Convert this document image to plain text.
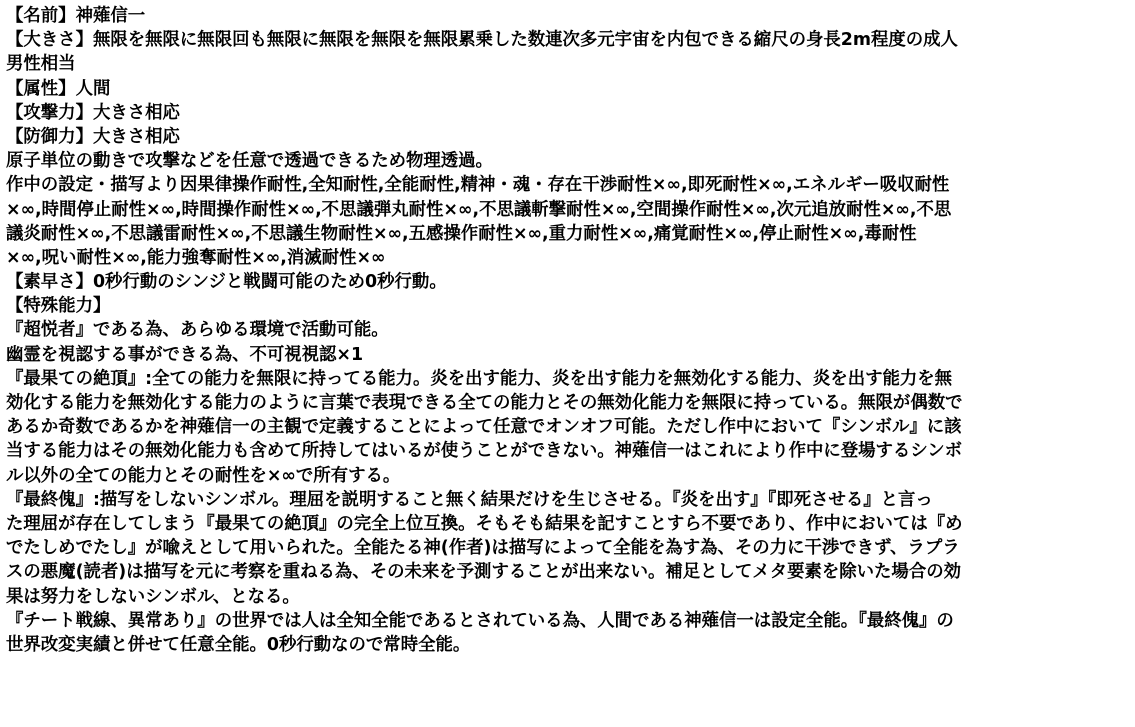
【名前】神薙信一
【大きさ】無限を無限に無限回も無限に無限を無限を無限累乗した数連次多元宇宙を内包できる縮尺の身長2m程度の成人
男性相当
【属性】人間
【攻撃力】大きさ相応
【防御力】大きさ相応
原子単位の動きで攻撃などを任意で透過できるため物理透過。
作中の設定・描写より因果律操作耐性,全知耐性,全能耐性,精神・魂・存在干渉耐性×∞,即死耐性×∞,エネルギー吸収耐性
×∞,時間停止耐性×∞,時間操作耐性×∞,不思議弾丸耐性×∞,不思議斬撃耐性×∞,空間操作耐性×∞,次元追放耐性×∞,不思
議炎耐性×∞,不思議雷耐性×∞,不思議生物耐性×∞,五感操作耐性×∞,重力耐性×∞,痛覚耐性×∞,停止耐性×∞,毒耐性
×∞,呪い耐性×∞,能力強奪耐性×∞,消滅耐性×∞
【素早さ】0秒行動のシンジと戦闘可能のため0秒行動。
【特殊能力】
『超悦者』である為、あらゆる環境で活動可能。
幽霊を視認する事ができる為、不可視視認×1
『最果ての絶頂』:全ての能力を無限に持ってる能力。炎を出す能力、炎を出す能力を無効化する能力、炎を出す能力を無
効化する能力を無効化する能力のように言葉で表現できる全ての能力とその無効化能力を無限に持っている。無限が偶数で
あるか奇数であるかを神薙信一の主観で定義することによって任意でオンオフ可能。ただし作中において『シンボル』に該
当する能力はその無効化能力も含めて所持してはいるが使うことができない。神薙信一はこれにより作中に登場するシンボ
ル以外の全ての能力とその耐性を×∞で所有する。
『最終傀』:描写をしないシンボル。理屈を説明すること無く結果だけを生じさせる。『炎を出す』『即死させる』と言っ
た理屈が存在してしまう『最果ての絶頂』の完全上位互換。そもそも結果を記すことすら不要であり、作中においては『め
でたしめでたし』が喩えとして用いられた。全能たる神(作者)は描写によって全能を為す為、その力に干渉できず、ラプラ
スの悪魔(読者)は描写を元に考察を重ねる為、その未来を予測することが出来ない。補足としてメタ要素を除いた場合の効
果は努力をしないシンボル、となる。
『チート戦線、異常あり』の世界では人は全知全能であるとされている為、人間である神薙信一は設定全能。『最終傀』の
世界改変実績と併せて任意全能。0秒行動なので常時全能。
